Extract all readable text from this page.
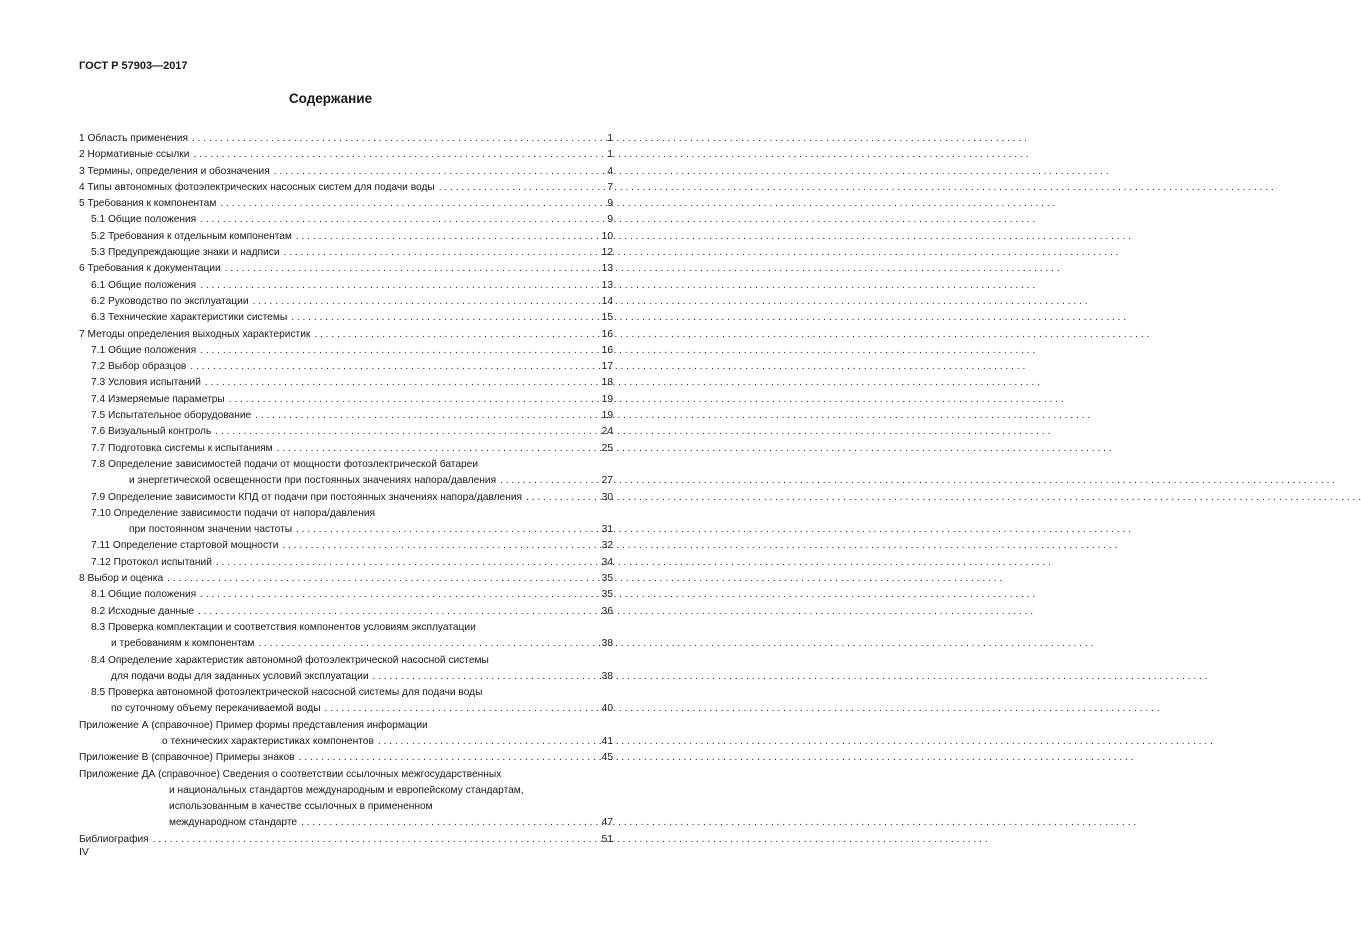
ГОСТ Р 57903—2017
Содержание
1 Область применения . . .	1
2 Нормативные ссылки . . .	1
3 Термины, определения и обозначения . . .	4
4 Типы автономных фотоэлектрических насосных систем для подачи воды . . .	7
5 Требования к компонентам . . .	9
5.1 Общие положения . . .	9
5.2 Требования к отдельным компонентам . . .	10
5.3 Предупреждающие знаки и надписи . . .	12
6 Требования к документации . . .	13
6.1 Общие положения . . .	13
6.2 Руководство по эксплуатации . . .	14
6.3 Технические характеристики системы . . .	15
7 Методы определения выходных характеристик . . .	16
7.1 Общие положения . . .	16
7.2 Выбор образцов . . .	17
7.3 Условия испытаний . . .	18
7.4 Измеряемые параметры . . .	19
7.5 Испытательное оборудование . . .	19
7.6 Визуальный контроль . . .	24
7.7 Подготовка системы к испытаниям . . .	25
7.8 Определение зависимостей подачи от мощности фотоэлектрической батареи
и энергетической освещенности при постоянных значениях напора/давления . . .	27
7.9 Определение зависимости КПД от подачи при постоянных значениях напора/давления . . .	30
7.10 Определение зависимости подачи от напора/давления
при постоянном значении частоты . . .	31
7.11 Определение стартовой мощности . . .	32
7.12 Протокол испытаний . . .	34
8 Выбор и оценка . . .	35
8.1 Общие положения . . .	35
8.2 Исходные данные . . .	36
8.3 Проверка комплектации и соответствия компонентов условиям эксплуатации
и требованиям к компонентам . . .	38
8.4 Определение характеристик автономной фотоэлектрической насосной системы
для подачи воды для заданных условий эксплуатации . . .	38
8.5 Проверка автономной фотоэлектрической насосной системы для подачи воды
по суточному объему перекачиваемой воды . . .	40
Приложение А (справочное) Пример формы представления информации
о технических характеристиках компонентов . . .	41
Приложение В (справочное) Примеры знаков . . .	45
Приложение ДА (справочное) Сведения о соответствии ссылочных межгосударственных
и национальных стандартов международным и европейскому стандартам,
использованным в качестве ссылочных в примененном
международном стандарте . . .	47
Библиография . . .	51
IV
